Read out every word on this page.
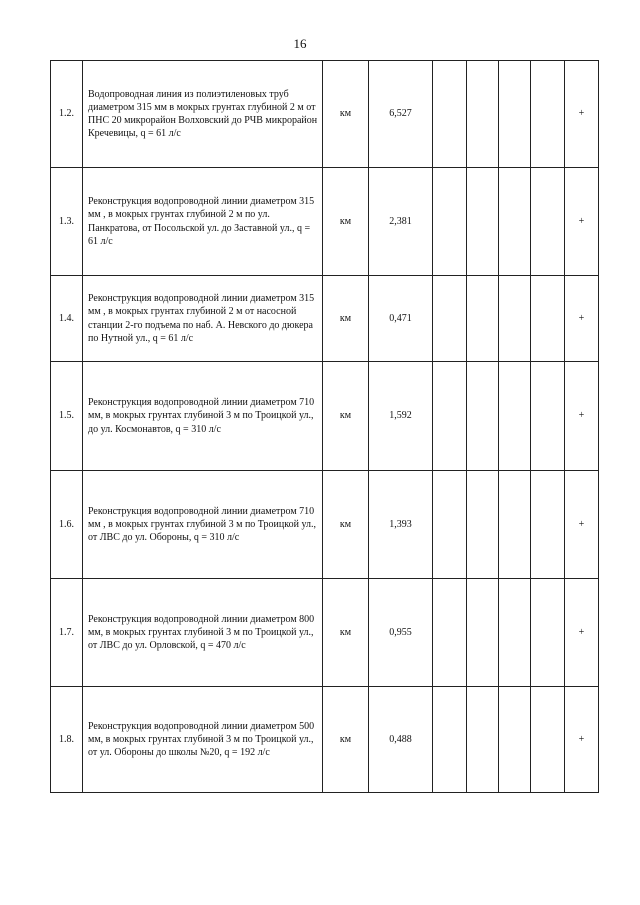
16
1.2.	Водопроводная линия из полиэтиленовых труб диаметром 315 мм в мокрых грунтах глубиной 2 м от ПНС 20 микрорайон Волховский до РЧВ микрорайон Кречевицы, q = 61 л/с	км	6,527					+
1.3.	Реконструкция водопроводной линии диаметром 315 мм , в мокрых грунтах глубиной 2 м по ул. Панкратова, от Посольской ул. до Заставной ул., q = 61 л/с	км	2,381					+
1.4.	Реконструкция водопроводной линии диаметром 315 мм , в мокрых грунтах глубиной 2 м от насосной станции 2-го подъема по наб. А. Невского до дюкера по Нутной ул., q = 61 л/с	км	0,471					+
1.5.	Реконструкция водопроводной линии диаметром 710 мм, в мокрых грунтах глубиной 3 м по Троицкой ул., до ул. Космонавтов, q = 310 л/с	км	1,592					+
1.6.	Реконструкция водопроводной линии диаметром 710 мм , в мокрых грунтах глубиной 3 м по Троицкой ул., от ЛВС до ул. Обороны, q = 310 л/с	км	1,393					+
1.7.	Реконструкция водопроводной линии диаметром 800 мм, в мокрых грунтах глубиной 3 м по Троицкой ул., от ЛВС до ул. Орловской, q = 470 л/с	км	0,955					+
1.8.	Реконструкция водопроводной линии диаметром 500 мм, в мокрых грунтах глубиной 3 м по Троицкой ул., от ул. Обороны до школы №20, q = 192 л/с	км	0,488					+
